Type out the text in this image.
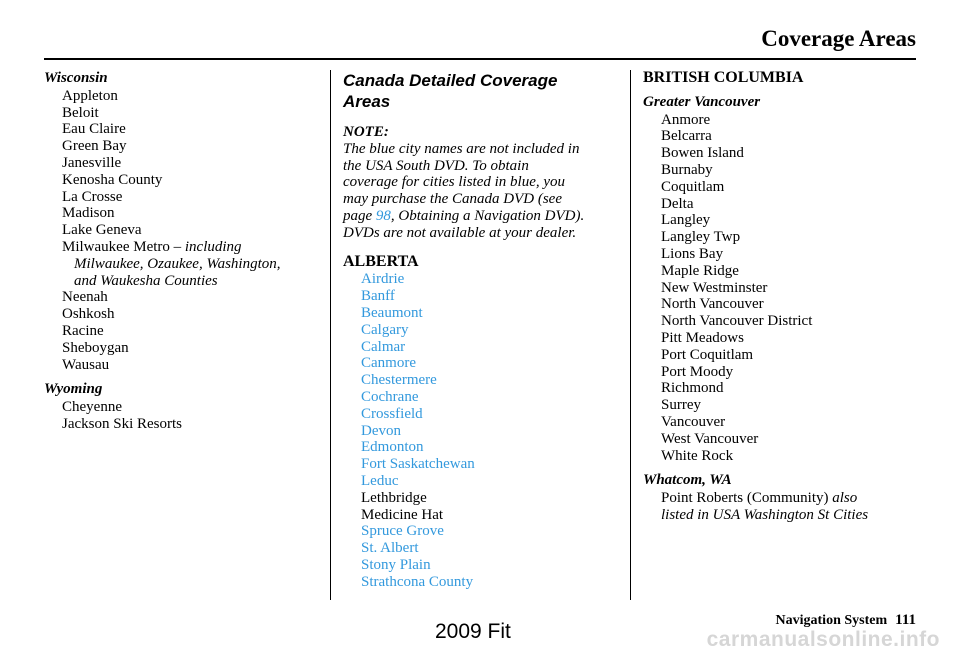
Coverage Areas
Wisconsin
Appleton
Beloit
Eau Claire
Green Bay
Janesville
Kenosha County
La Crosse
Madison
Lake Geneva
Milwaukee Metro – including
Milwaukee, Ozaukee, Washington,
and Waukesha Counties
Neenah
Oshkosh
Racine
Sheboygan
Wausau
Wyoming
Cheyenne
Jackson Ski Resorts
Canada Detailed Coverage
Areas
NOTE:
The blue city names are not included in
the USA South DVD. To obtain
coverage for cities listed in blue, you
may purchase the Canada DVD (see
page 98, Obtaining a Navigation DVD).
DVDs are not available at your dealer.
ALBERTA
Airdrie
Banff
Beaumont
Calgary
Calmar
Canmore
Chestermere
Cochrane
Crossfield
Devon
Edmonton
Fort Saskatchewan
Leduc
Lethbridge
Medicine Hat
Spruce Grove
St. Albert
Stony Plain
Strathcona County
BRITISH COLUMBIA
Greater Vancouver
Anmore
Belcarra
Bowen Island
Burnaby
Coquitlam
Delta
Langley
Langley Twp
Lions Bay
Maple Ridge
New Westminster
North Vancouver
North Vancouver District
Pitt Meadows
Port Coquitlam
Port Moody
Richmond
Surrey
Vancouver
West Vancouver
White Rock
Whatcom, WA
Point Roberts (Community) also
listed in USA Washington St Cities
Navigation System 111
2009 Fit	carmanualsonline.info
